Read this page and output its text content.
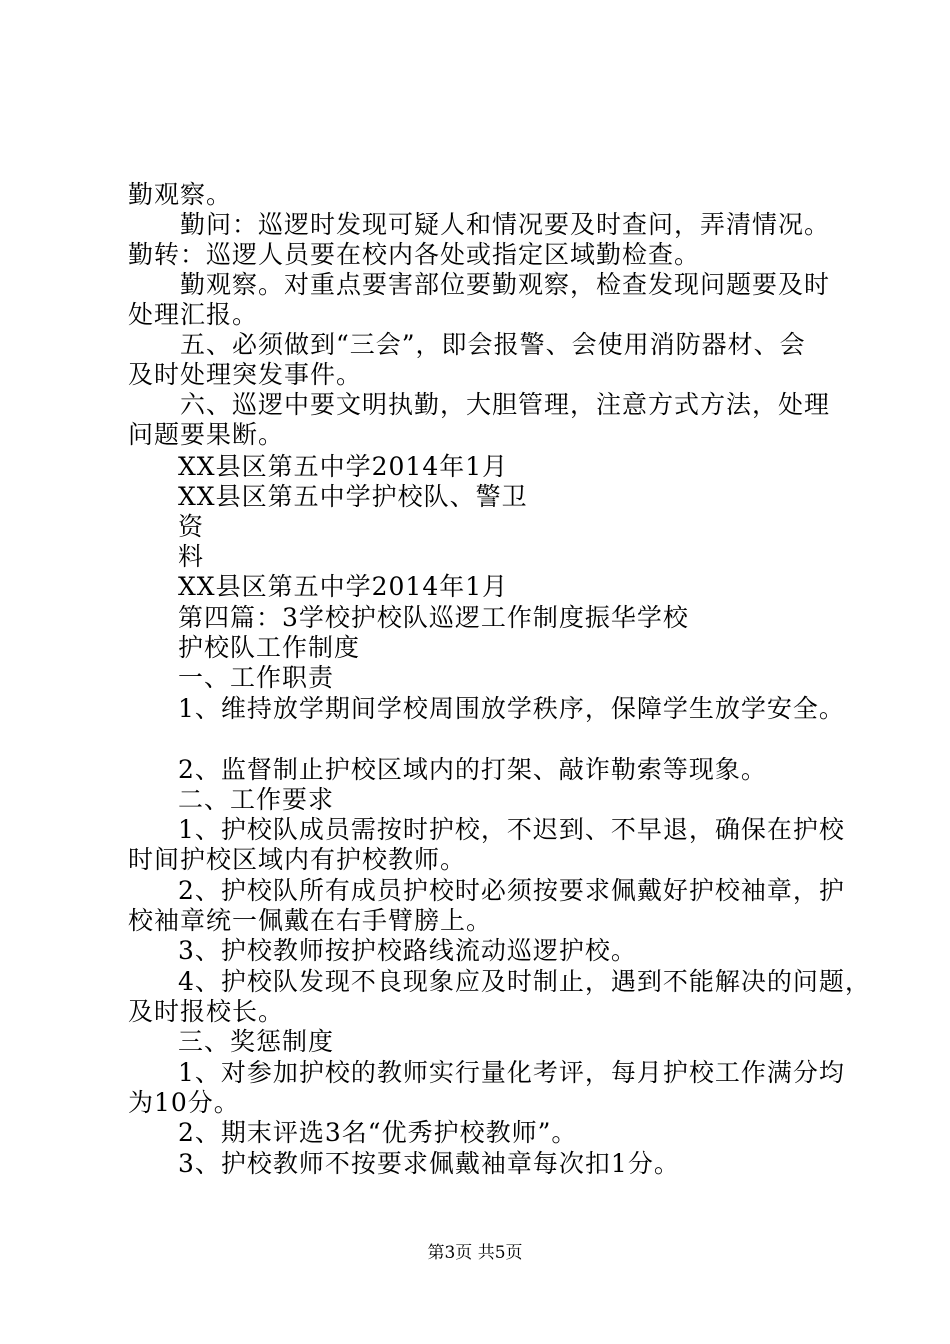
勤观察。
勤问：巡逻时发现可疑人和情况要及时查问，弄清情况。
勤转：巡逻人员要在校内各处或指定区域勤检查。
勤观察。对重点要害部位要勤观察，检查发现问题要及时
处理汇报。
五、必须做到“三会”，即会报警、会使用消防器材、会
及时处理突发事件。
六、巡逻中要文明执勤，大胆管理，注意方式方法，处理
问题要果断。
XX县区第五中学2014年1月
XX县区第五中学护校队、警卫
资
料
XX县区第五中学2014年1月
第四篇：3学校护校队巡逻工作制度振华学校
护校队工作制度
一、工作职责
1、维持放学期间学校周围放学秩序，保障学生放学安全。
2、监督制止护校区域内的打架、敲诈勒索等现象。
二、工作要求
1、护校队成员需按时护校，不迟到、不早退，确保在护校
时间护校区域内有护校教师。
2、护校队所有成员护校时必须按要求佩戴好护校袖章，护
校袖章统一佩戴在右手臂膀上。
3、护校教师按护校路线流动巡逻护校。
4、护校队发现不良现象应及时制止，遇到不能解决的问题，
及时报校长。
三、奖惩制度
1、对参加护校的教师实行量化考评，每月护校工作满分均
为10分。
2、期末评选3名“优秀护校教师”。
3、护校教师不按要求佩戴袖章每次扣1分。
第3页 共5页
